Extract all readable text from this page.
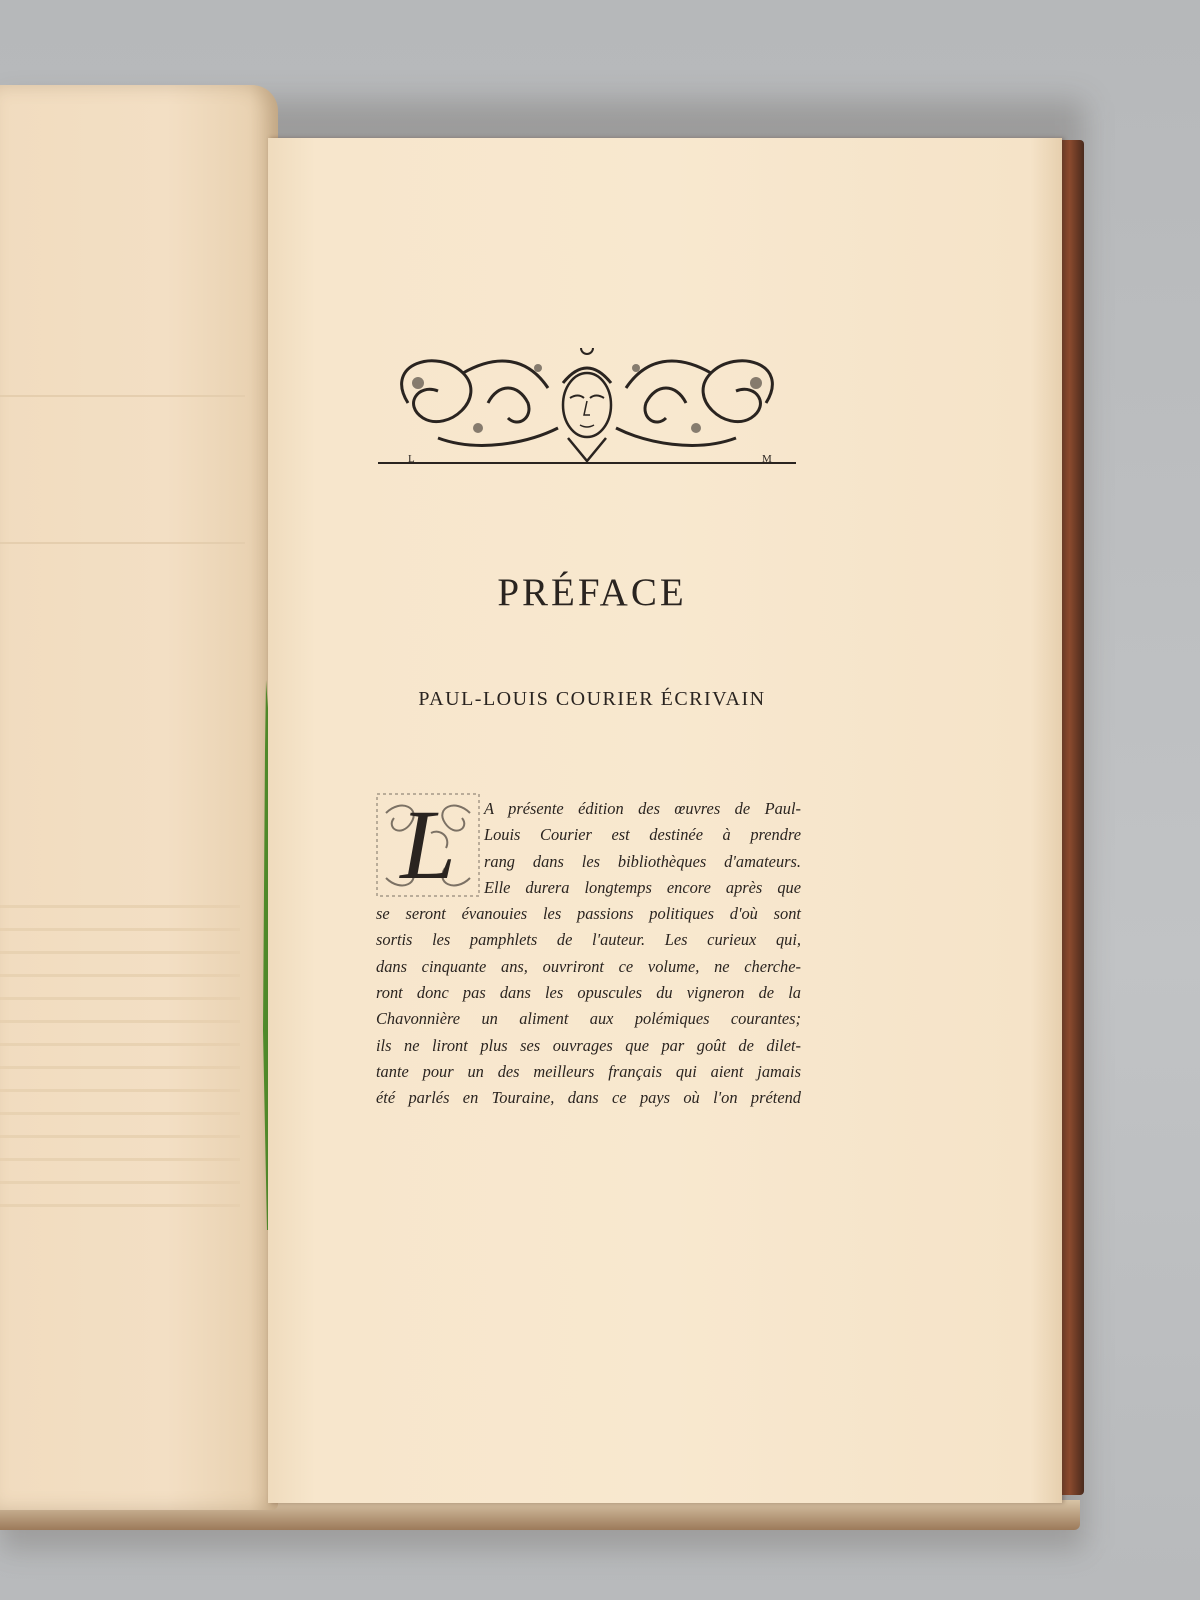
L	M
PRÉFACE
PAUL-LOUIS COURIER ÉCRIVAIN
L	A présente édition des œuvres de Paul-
Louis Courier est destinée à prendre
rang dans les bibliothèques d'amateurs.
Elle durera longtemps encore après que
se seront évanouies les passions politiques d'où sont
sortis les pamphlets de l'auteur. Les curieux qui,
dans cinquante ans, ouvriront ce volume, ne cherche-
ront donc pas dans les opuscules du vigneron de la
Chavonnière un aliment aux polémiques courantes;
ils ne liront plus ses ouvrages que par goût de dilet-
tante pour un des meilleurs français qui aient jamais
été parlés en Touraine, dans ce pays où l'on prétend
